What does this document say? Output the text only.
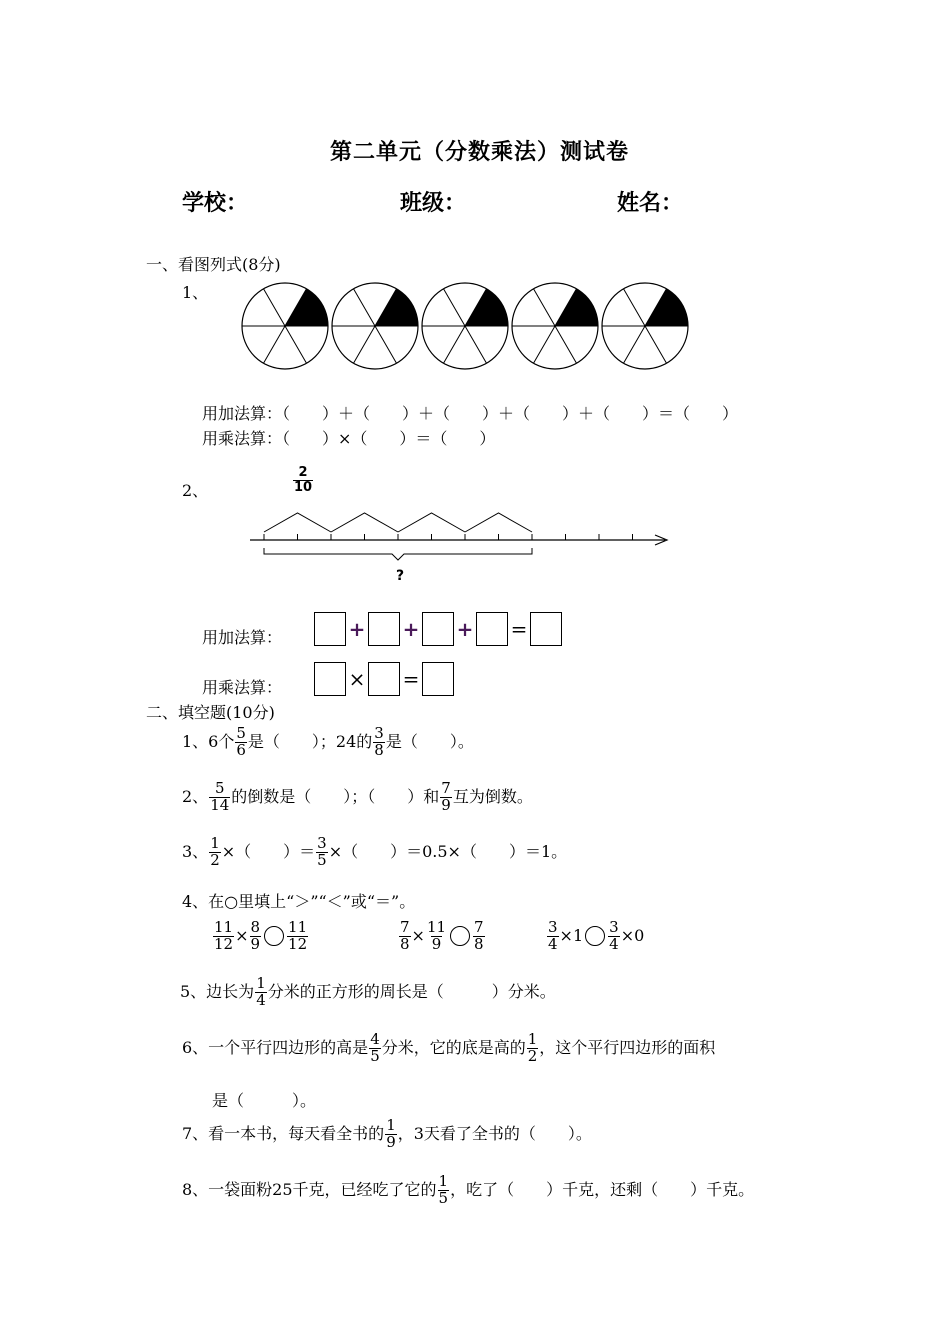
第二单元（分数乘法）测试卷
学校：	班级：	姓名：
一、看图列式(8分)
1、
用加法算：（　　）＋（　　）＋（　　）＋（　　）＋（　　）＝（　　）
用乘法算：（　　）×（　　）＝（　　）
2、	$\frac{2}{10}$
?
用加法算：	+ + + =
用乘法算：	× =
二、填空题(10分)
1、6个 $\frac{5}{6}$ 是（　　）；24的 $\frac{3}{8}$ 是（　　）。
2、 $\frac{5}{14}$ 的倒数是（　　）；（　　）和 $\frac{7}{9}$ 互为倒数。
3、 $\frac{1}{2}$ ×（　　）＝ $\frac{3}{5}$ ×（　　）＝0.5×（　　）＝1。
4、在○里填上“＞”“＜”或“＝”。
$\frac{11}{12} \times \frac{8}{9} \frac{11}{12}$	$\frac{7}{8} \times \frac{11}{9} \frac{7}{8}$	$\frac{3}{4} \times 1 \frac{3}{4} \times 0$
5、边长为 $\frac{1}{4}$ 分米的正方形的周长是（　　　）分米。
6、一个平行四边形的高是 $\frac{4}{5}$ 分米，它的底是高的 $\frac{1}{2}$ ，这个平行四边形的面积
是（　　　）。
7、看一本书，每天看全书的 $\frac{1}{9}$ ，3天看了全书的（　　）。
8、一袋面粉25千克，已经吃了它的 $\frac{1}{5}$ ，吃了（　　）千克，还剩（　　）千克。
